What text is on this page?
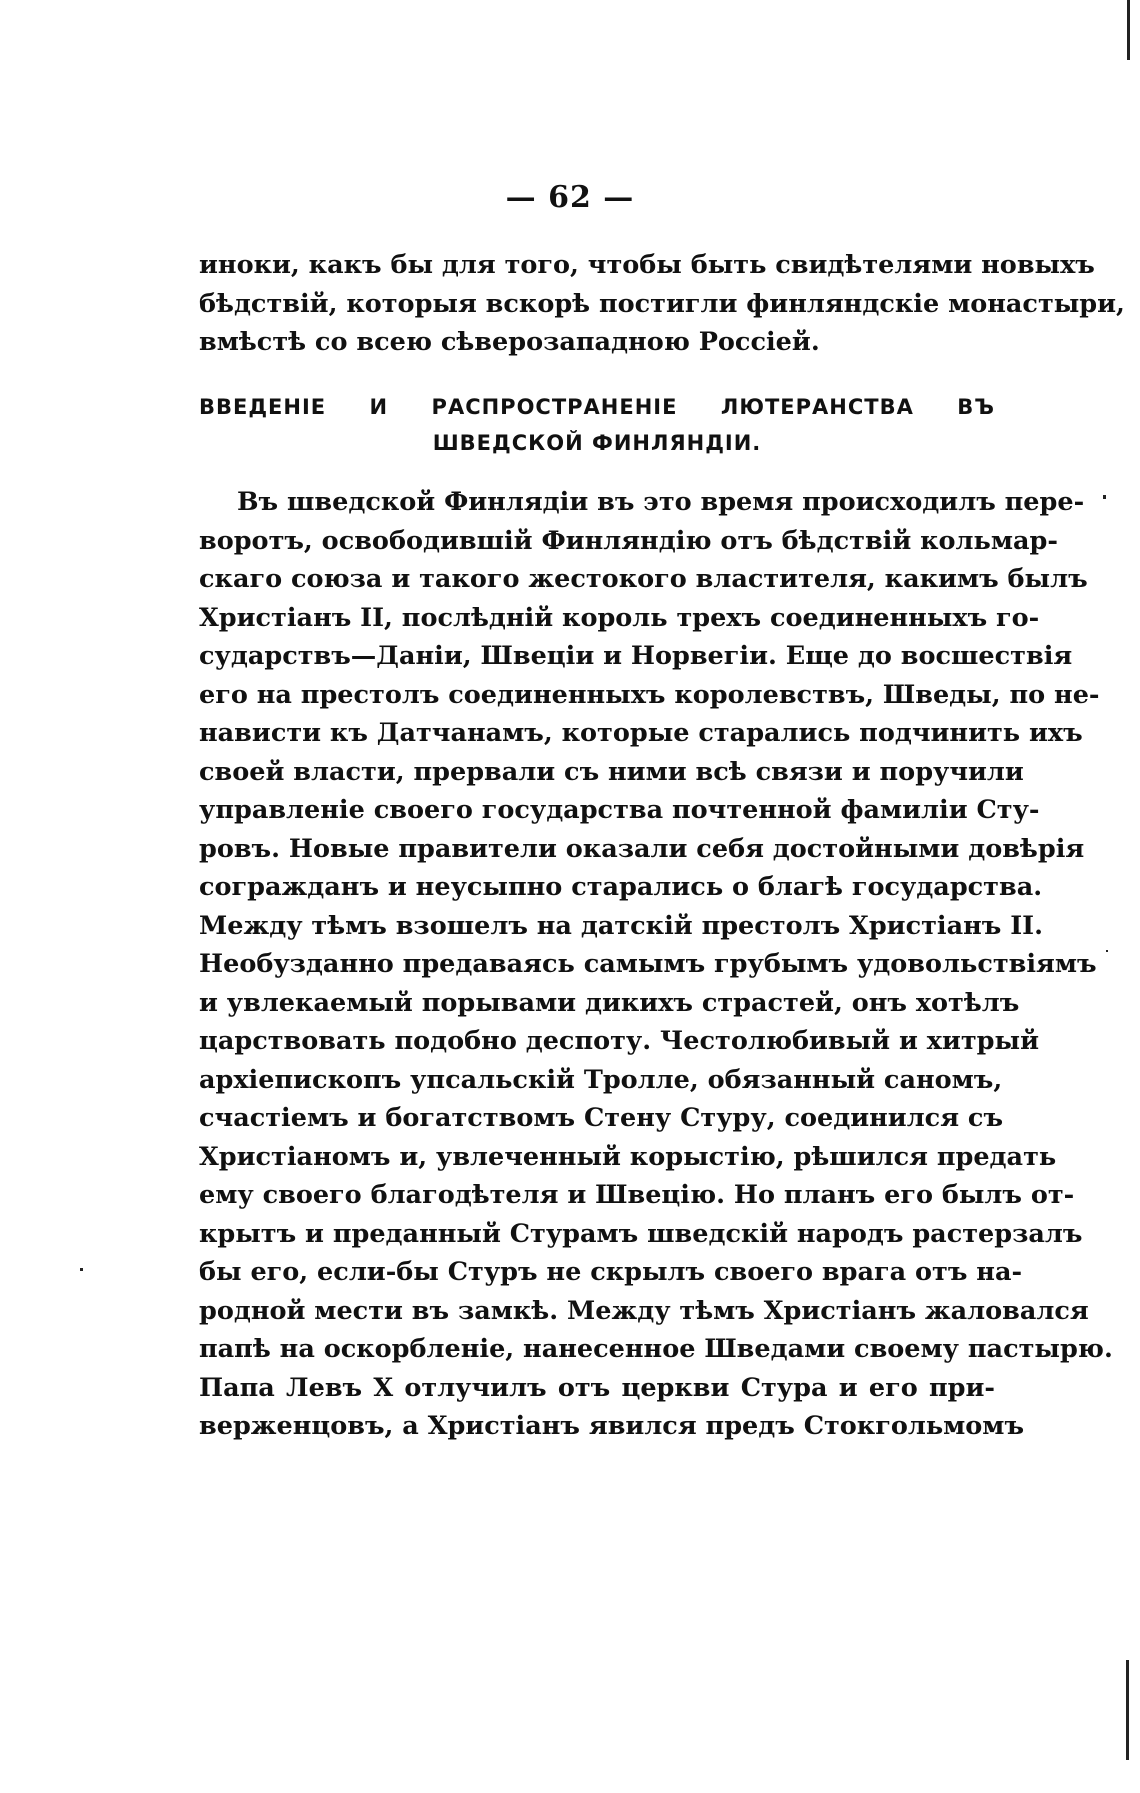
— 62 —
иноки, какъ бы для того, чтобы быть свидѣтелями новыхъ
бѣдствій, которыя вскорѣ постигли финляндскіе монастыри,
вмѣстѣ со всею сѣверозападною Россіей.
ВВЕДЕНІЕ И РАСПРОСТРАНЕНІЕ ЛЮТЕРАНСТВА ВЪ
ШВЕДСКОЙ ФИНЛЯНДІИ.
Въ шведской Финлядіи въ это время происходилъ пере-
воротъ, освободившій Финляндію отъ бѣдствій кольмар-
скаго союза и такого жестокого властителя, какимъ былъ
Христіанъ II, послѣдній король трехъ соединенныхъ го-
сударствъ—Даніи, Швеціи и Норвегіи. Еще до восшествія
его на престолъ соединенныхъ королевствъ, Шведы, по не-
нависти къ Датчанамъ, которые старались подчинить ихъ
своей власти, прервали съ ними всѣ связи и поручили
управленіе своего государства почтенной фамиліи Сту-
ровъ. Новые правители оказали себя достойными довѣрія
согражданъ и неусыпно старались о благѣ государства.
Между тѣмъ взошелъ на датскій престолъ Христіанъ II.
Необузданно предаваясь самымъ грубымъ удовольствіямъ
и увлекаемый порывами дикихъ страстей, онъ хотѣлъ
царствовать подобно деспоту. Честолюбивый и хитрый
архіепископъ упсальскій Тролле, обязанный саномъ,
счастіемъ и богатствомъ Стену Стуру, соединился съ
Христіаномъ и, увлеченный корыстію, рѣшился предать
ему своего благодѣтеля и Швецію. Но планъ его былъ от-
крытъ и преданный Стурамъ шведскій народъ растерзалъ
бы его, если-бы Стуръ не скрылъ своего врага отъ на-
родной мести въ замкѣ. Между тѣмъ Христіанъ жаловался
папѣ на оскорбленіе, нанесенное Шведами своему пастырю.
Папа Левъ X отлучилъ отъ церкви Стура и его при-
верженцовъ, а Христіанъ явился предъ Стокгольмомъ
